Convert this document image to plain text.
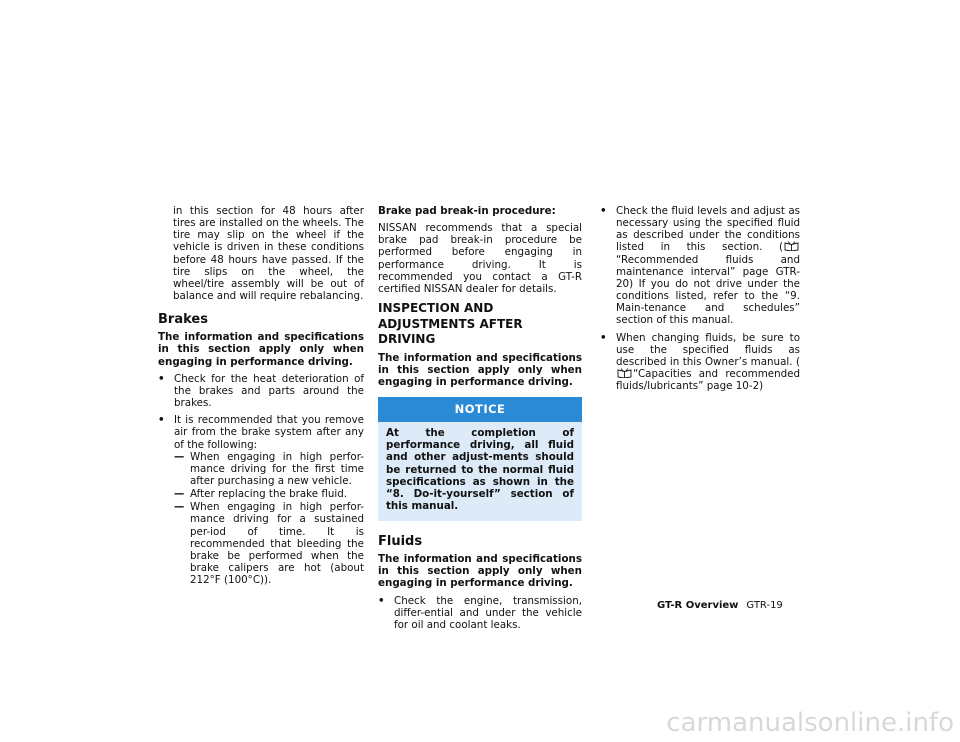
in this section for 48 hours after tires are installed on the wheels. The tire may slip on the wheel if the vehicle is driven in these conditions before 48 hours have passed. If the tire slips on the wheel, the wheel/tire assembly will be out of balance and will require rebalancing.

Brakes

The information and specifications in this section apply only when engaging in performance driving.

• Check for the heat deterioration of the brakes and parts around the brakes.
• It is recommended that you remove air from the brake system after any of the following:
— When engaging in high perfor-mance driving for the first time after purchasing a new vehicle.
— After replacing the brake fluid.
— When engaging in high perfor-mance driving for a sustained per-iod of time. It is recommended that bleeding the brake be performed when the brake calipers are hot (about 212°F (100°C)).

Brake pad break-in procedure:

NISSAN recommends that a special brake pad break-in procedure be performed before engaging in performance driving. It is recommended you contact a GT-R certified NISSAN dealer for details.

INSPECTION AND ADJUSTMENTS AFTER DRIVING

The information and specifications in this section apply only when engaging in performance driving.

NOTICE

At the completion of performance driving, all fluid and other adjust-ments should be returned to the normal fluid specifications as shown in the “8. Do-it-yourself” section of this manual.

Fluids

The information and specifications in this section apply only when engaging in performance driving.

• Check the engine, transmission, differ-ential and under the vehicle for oil and coolant leaks.
• Check the fluid levels and adjust as necessary using the specified fluid as described under the conditions listed in this section. (“Recommended fluids and maintenance interval” page GTR-20) If you do not drive under the conditions listed, refer to the “9. Main-tenance and schedules” section of this manual.
• When changing fluids, be sure to use the specified fluids as described in this Owner’s manual. (“Capacities and recommended fluids/lubricants” page 10-2)
GT-R Overview GTR-19
carmanualsonline.info
